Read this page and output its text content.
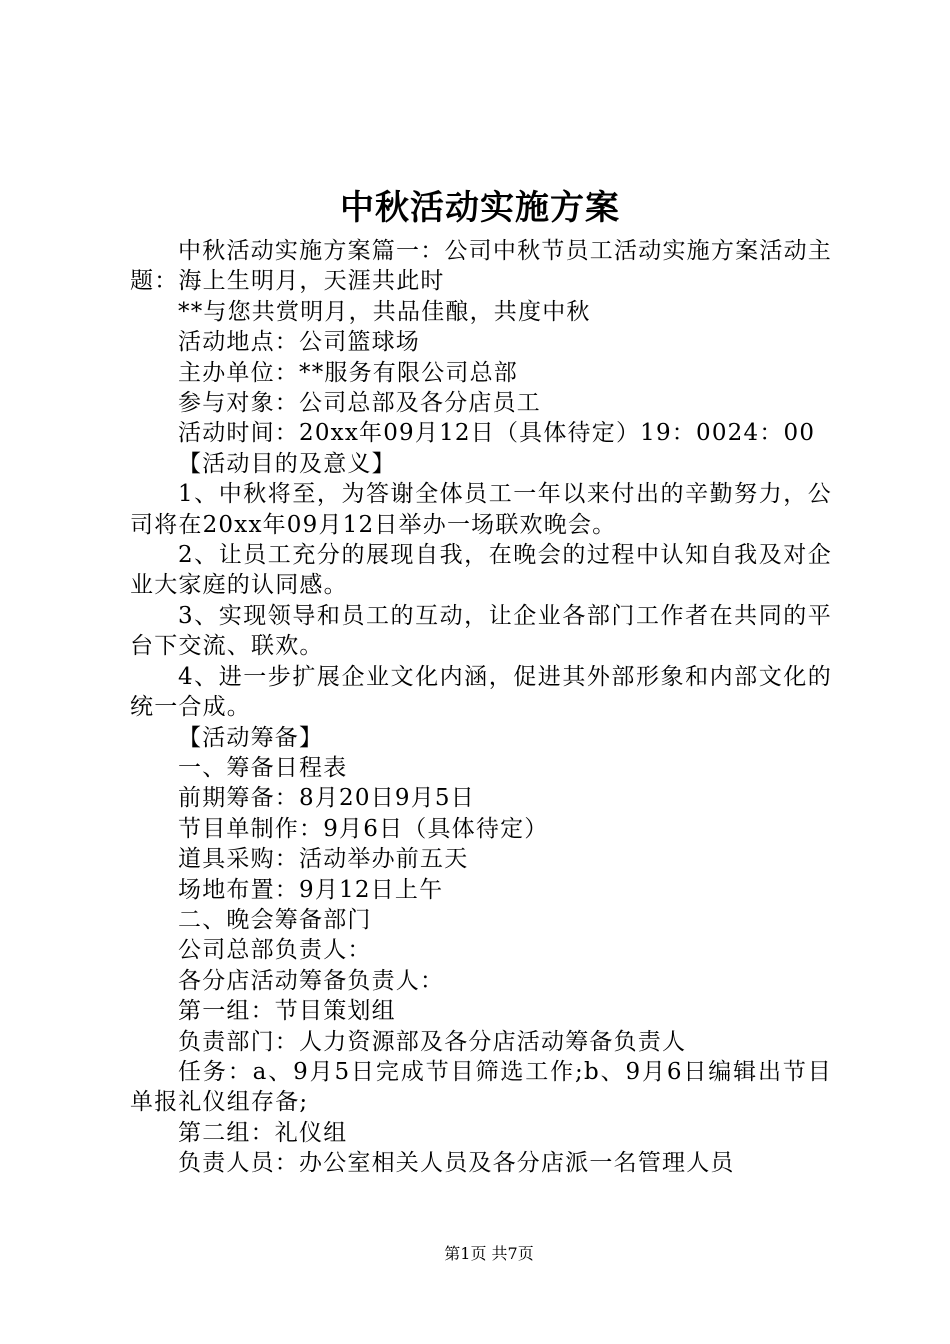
中秋活动实施方案

中秋活动实施方案篇一：公司中秋节员工活动实施方案活动主题：海上生明月，天涯共此时

**与您共赏明月，共品佳酿，共度中秋

活动地点：公司篮球场

主办单位：**服务有限公司总部

参与对象：公司总部及各分店员工

活动时间：20xx年09月12日（具体待定）19：0024：00

【活动目的及意义】

1、中秋将至，为答谢全体员工一年以来付出的辛勤努力，公司将在20xx年09月12日举办一场联欢晚会。

2、让员工充分的展现自我，在晚会的过程中认知自我及对企业大家庭的认同感。

3、实现领导和员工的互动，让企业各部门工作者在共同的平台下交流、联欢。

4、进一步扩展企业文化内涵，促进其外部形象和内部文化的统一合成。

【活动筹备】

一、筹备日程表

前期筹备：8月20日9月5日

节目单制作：9月6日（具体待定）

道具采购：活动举办前五天

场地布置：9月12日上午

二、晚会筹备部门

公司总部负责人：

各分店活动筹备负责人：

第一组：节目策划组

负责部门：人力资源部及各分店活动筹备负责人

任务：a、9月5日完成节目筛选工作;b、9月6日编辑出节目单报礼仪组存备;

第二组：礼仪组

负责人员：办公室相关人员及各分店派一名管理人员

第1页 共7页
